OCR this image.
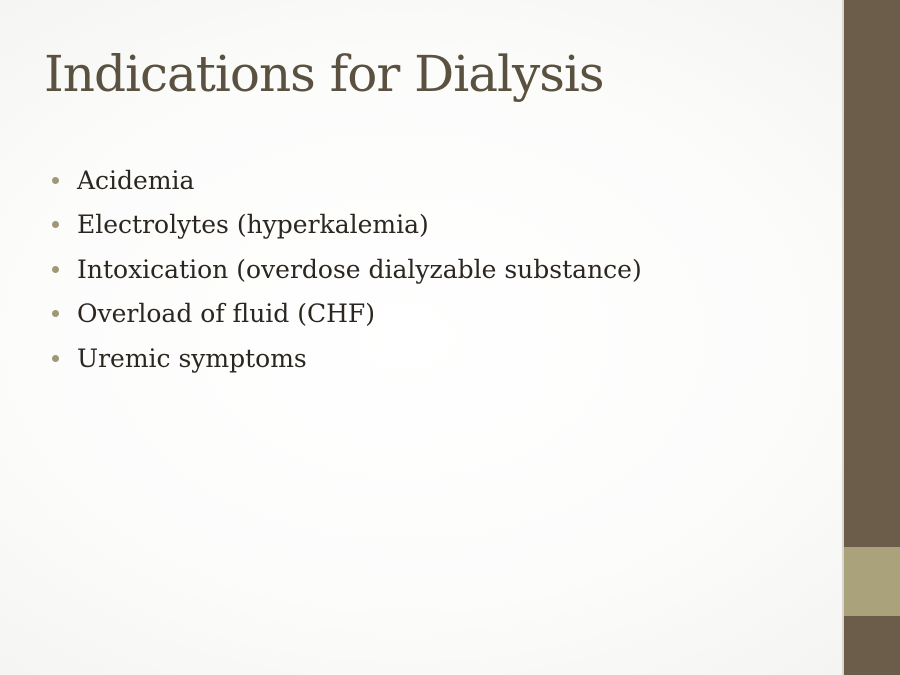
Indications for Dialysis
Acidemia
Electrolytes (hyperkalemia)
Intoxication (overdose dialyzable substance)
Overload of fluid (CHF)
Uremic symptoms
